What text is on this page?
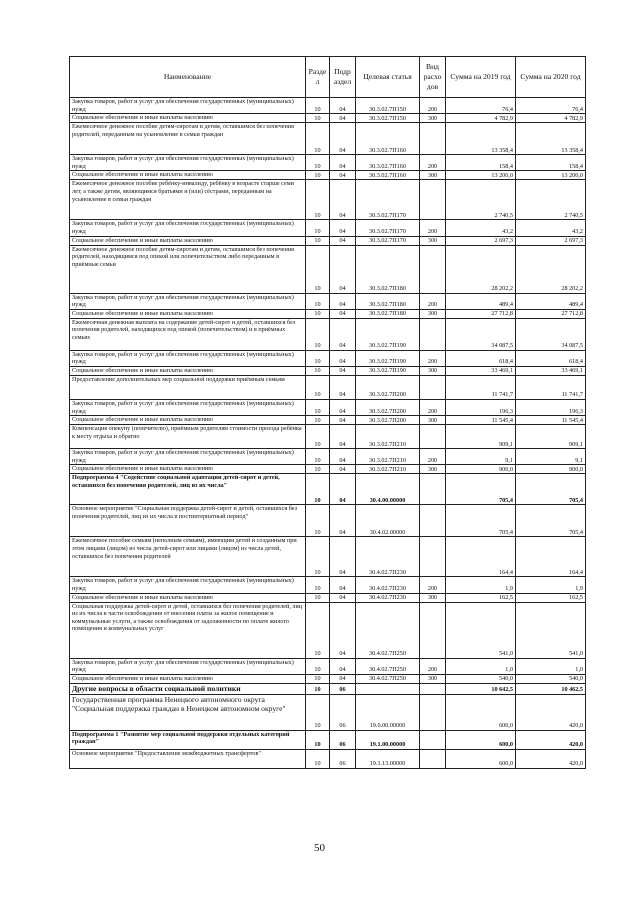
Наименование	Разде л	Подр аздел	Целевая статья	Вид расхо дов	Сумма на 2019 год	Сумма на 2020 год
Закупка товаров, работ и услуг для обеспечения государственных (муниципальных) нужд	10	04	30.3.02.7П150	200	76,4	76,4
Социальное обеспечение и иные выплаты населению	10	04	30.3.02.7П150	300	4 782,9	4 782,9
Ежемесячное денежное пособие детям-сиротам и детям, оставшимся без попечения родителей, переданным на усыновление в семьи граждан	10	04	30.3.02.7П160		13 358,4	13 358,4
Закупка товаров, работ и услуг для обеспечения государственных (муниципальных) нужд	10	04	30.3.02.7П160	200	158,4	158,4
Социальное обеспечение и иные выплаты населению	10	04	30.3.02.7П160	300	13 200,0	13 200,0
Ежемесячное денежное пособие ребёнку-инвалиду, ребёнку в возрасте старше семи лет, а также детям, являющимся братьями и (или) сёстрами, переданным на усыновление в семьи граждан	10	04	30.3.02.7П170		2 740,5	2 740,5
Закупка товаров, работ и услуг для обеспечения государственных (муниципальных) нужд	10	04	30.3.02.7П170	200	43,2	43,2
Социальное обеспечение и иные выплаты населению	10	04	30.3.02.7П170	300	2 697,3	2 697,3
Ежемесячное денежное пособие детям-сиротам и детям, оставшимся без попечения родителей, находящимся под опекой или попечительством либо переданным в приёмные семьи	10	04	30.3.02.7П180		28 202,2	28 202,2
Закупка товаров, работ и услуг для обеспечения государственных (муниципальных) нужд	10	04	30.3.02.7П180	200	489,4	489,4
Социальное обеспечение и иные выплаты населению	10	04	30.3.02.7П180	300	27 712,8	27 712,8
Ежемесячная денежная выплата на содержание детей-сирот и детей, оставшихся без попечения родителей, находящихся под опекой (попечительством) и в приёмных семьях	10	04	30.3.02.7П190		34 087,5	34 087,5
Закупка товаров, работ и услуг для обеспечения государственных (муниципальных) нужд	10	04	30.3.02.7П190	200	618,4	618,4
Социальное обеспечение и иные выплаты населению	10	04	30.3.02.7П190	300	33 469,1	33 469,1
Предоставление дополнительных мер социальной поддержки приёмным семьям	10	04	30.3.02.7П200		11 741,7	11 741,7
Закупка товаров, работ и услуг для обеспечения государственных (муниципальных) нужд	10	04	30.3.02.7П200	200	196,3	196,3
Социальное обеспечение и иные выплаты населению	10	04	30.3.02.7П200	300	11 545,4	11 545,4
Компенсация опекуну (попечителю), приёмным родителям стоимости проезда ребёнка к месту отдыха и обратно	10	04	30.3.02.7П210		909,1	909,1
Закупка товаров, работ и услуг для обеспечения государственных (муниципальных) нужд	10	04	30.3.02.7П210	200	9,1	9,1
Социальное обеспечение и иные выплаты населению	10	04	30.3.02.7П210	300	900,0	900,0
Подпрограмма 4 "Содействие социальной адаптации детей-сирот и детей, оставшихся без попечения родителей, лиц из их числа"	10	04	30.4.00.00000		705,4	705,4
Основное мероприятие "Социальная поддержка детей-сирот и детей, оставшихся без попечения родителей, лиц из их числа в постинтернатный период"	10	04	30.4.02.00000		705,4	705,4
Ежемесячное пособие семьям (неполным семьям), имеющим детей и созданным при этом лицами (лицом) из числа детей-сирот или лицами (лицом) из числа детей, оставшихся без попечения родителей	10	04	30.4.02.7П230		164,4	164,4
Закупка товаров, работ и услуг для обеспечения государственных (муниципальных) нужд	10	04	30.4.02.7П230	200	1,9	1,9
Социальное обеспечение и иные выплаты населению	10	04	30.4.02.7П230	300	162,5	162,5
Социальная поддержка детей-сирот и детей, оставшихся без попечения родителей, лиц из их числа в части освобождения от внесения платы за жилое помещение и коммунальные услуги, а также освобождения от задолженности по оплате жилого помещения и коммунальных услуг	10	04	30.4.02.7П250		541,0	541,0
Закупка товаров, работ и услуг для обеспечения государственных (муниципальных) нужд	10	04	30.4.02.7П250	200	1,0	1,0
Социальное обеспечение и иные выплаты населению	10	04	30.4.02.7П250	300	540,0	540,0
Другие вопросы в области социальной политики	10	06			10 642,5	10 462,5
Государственная программа Ненецкого автономного округа "Социальная поддержка граждан в Ненецком автономном округе"	10	06	19.0.00.00000		600,0	420,0
Подпрограмма 1 "Развитие мер социальной поддержки отдельных категорий граждан"	10	06	19.1.00.00000		600,0	420,0
Основное мероприятие "Предоставление межбюджетных трансфертов"	10	06	19.1.13.00000		600,0	420,0
50
